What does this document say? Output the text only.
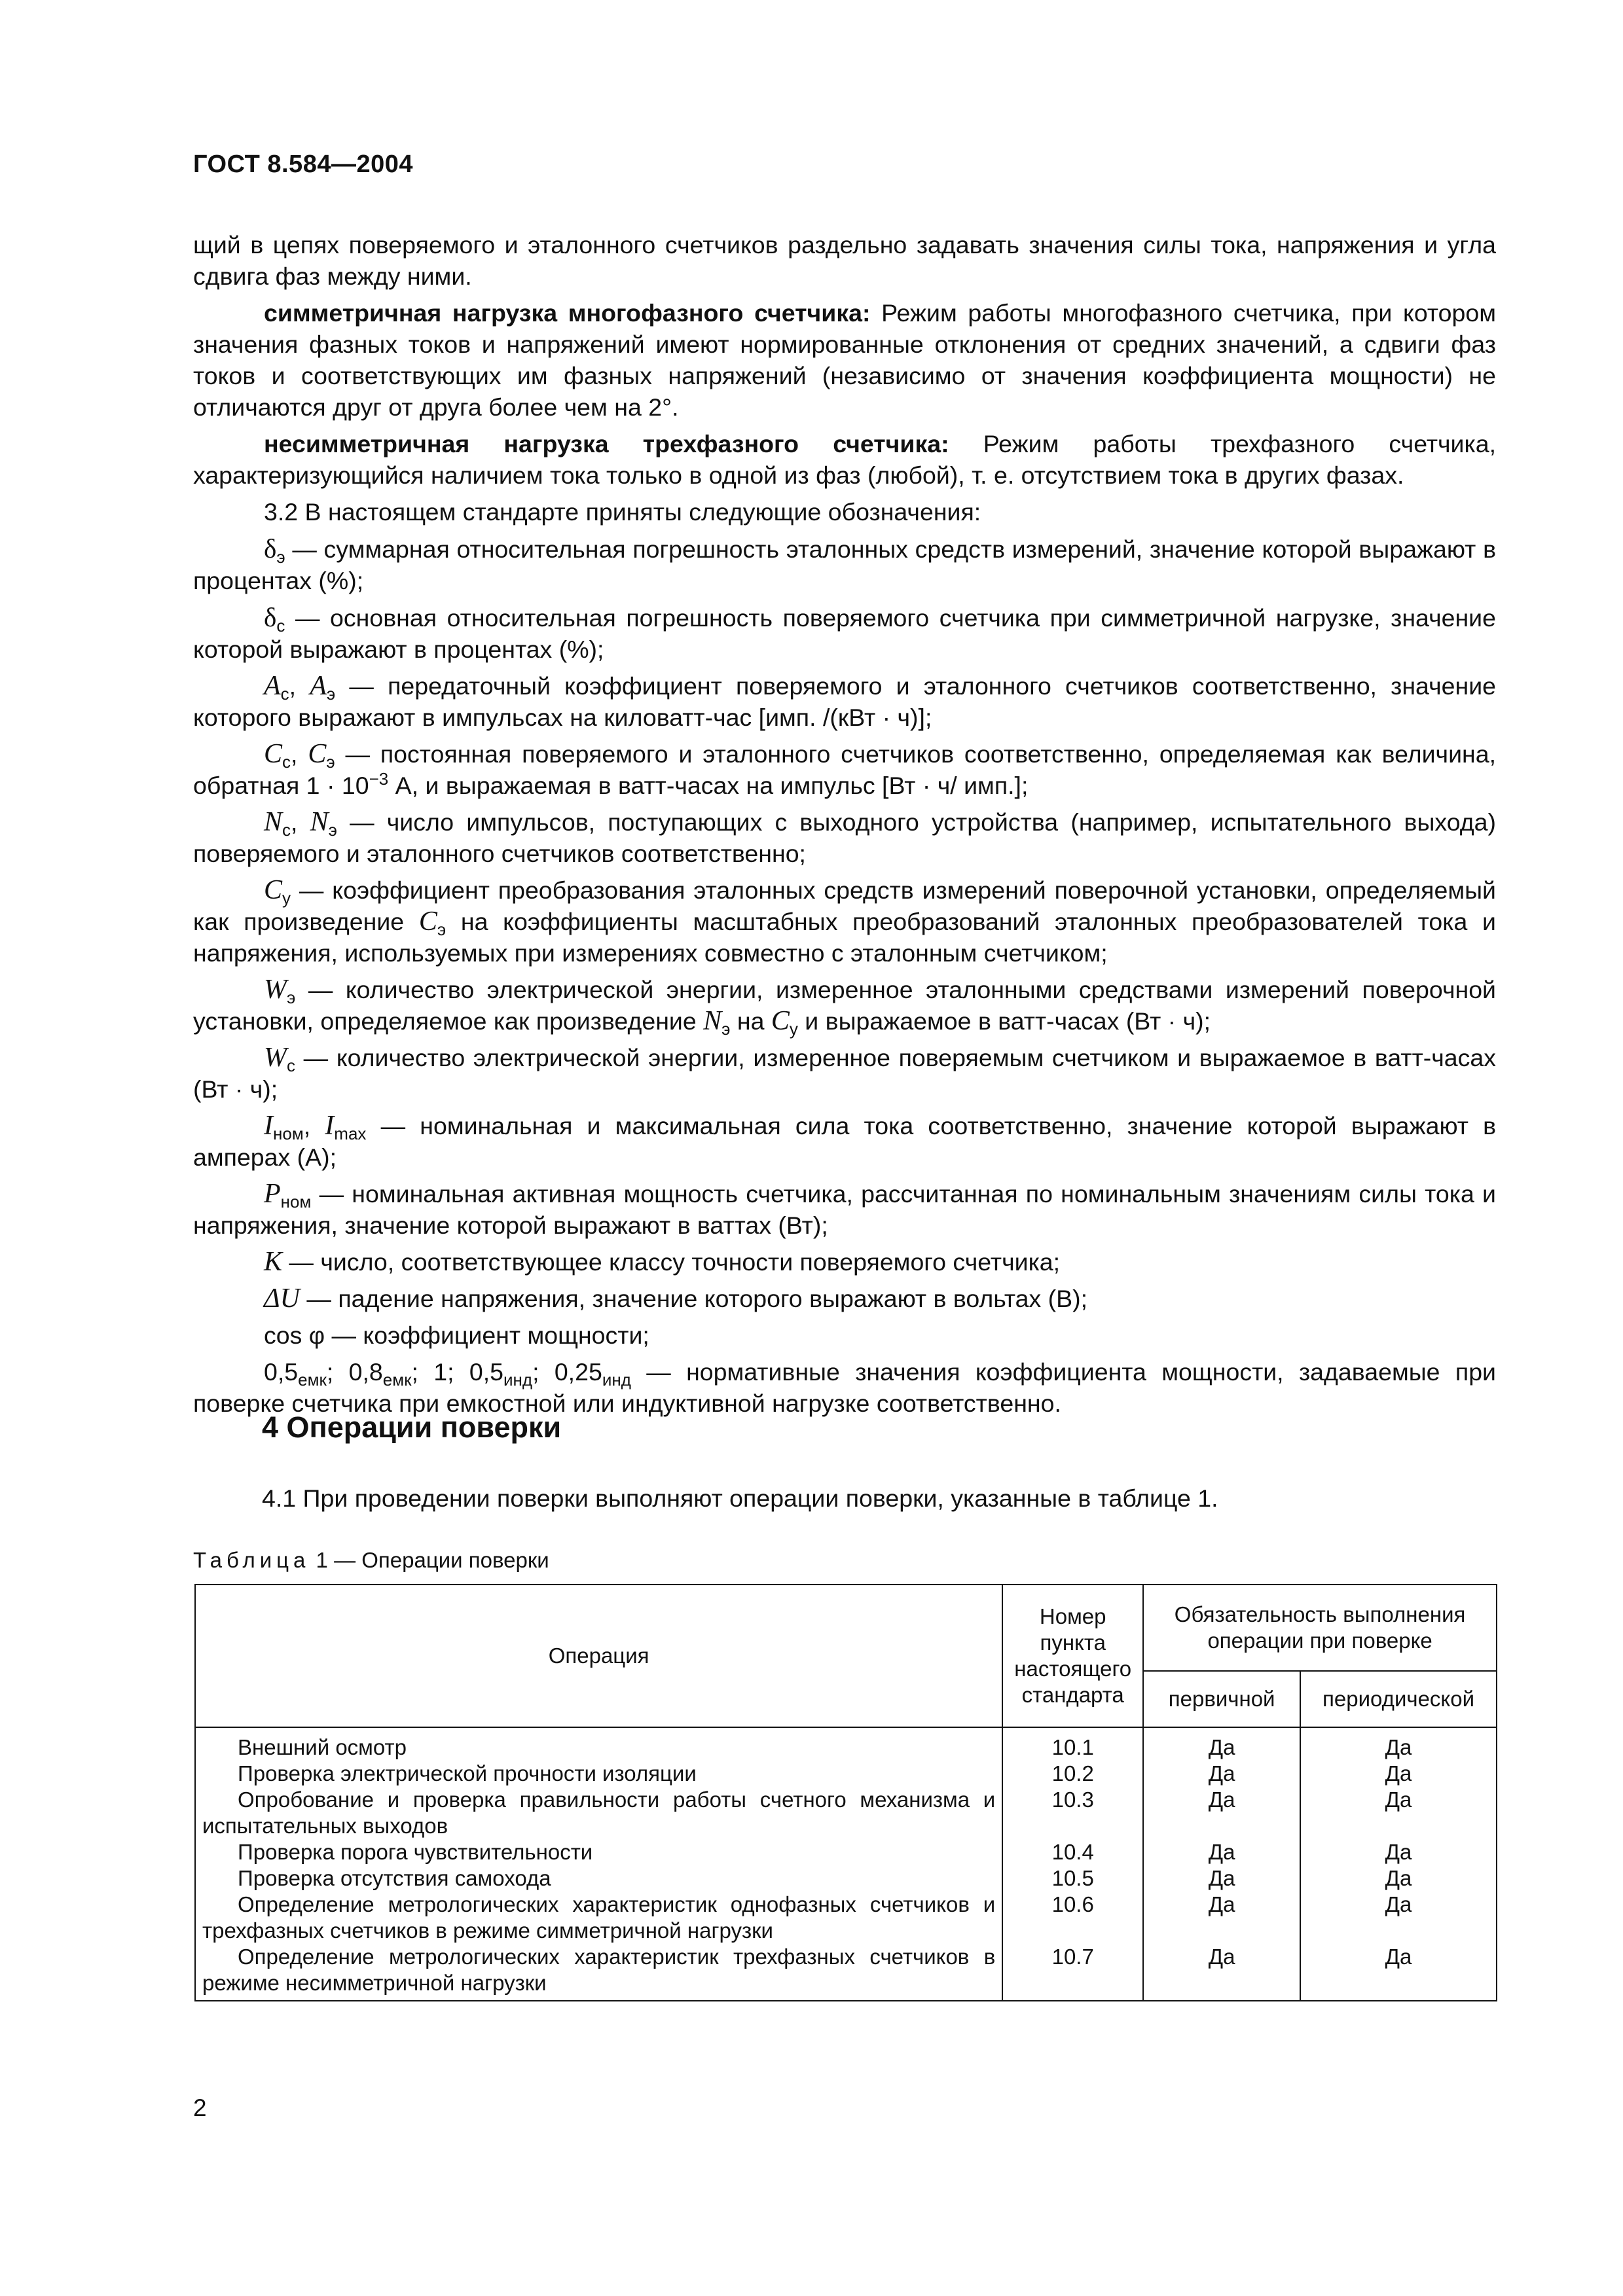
ГОСТ 8.584—2004

щий в цепях поверяемого и эталонного счетчиков раздельно задавать значения силы тока, напряжения и угла сдвига фаз между ними.

симметричная нагрузка многофазного счетчика: Режим работы многофазного счетчика, при котором значения фазных токов и напряжений имеют нормированные отклонения от средних значений, а сдвиги фаз токов и соответствующих им фазных напряжений (независимо от значения коэффициента мощности) не отличаются друг от друга более чем на 2°.

несимметричная нагрузка трехфазного счетчика: Режим работы трехфазного счетчика, характеризующийся наличием тока только в одной из фаз (любой), т. е. отсутствием тока в других фазах.

3.2 В настоящем стандарте приняты следующие обозначения:

$\delta_э$ — суммарная относительная погрешность эталонных средств измерений, значение которой выражают в процентах (%);

$\delta_c$ — основная относительная погрешность поверяемого счетчика при симметричной нагрузке, значение которой выражают в процентах (%);

$A_c$, $A_э$ — передаточный коэффициент поверяемого и эталонного счетчиков соответственно, значение которого выражают в импульсах на киловатт-час [имп. /(кВт · ч)];

$C_c$, $C_э$ — постоянная поверяемого и эталонного счетчиков соответственно, определяемая как величина, обратная $1 \cdot 10^{-3}$ А, и выражаемая в ватт-часах на импульс [Вт · ч/ имп.];

$N_c$, $N_э$ — число импульсов, поступающих с выходного устройства (например, испытательного выхода) поверяемого и эталонного счетчиков соответственно;

$C_у$ — коэффициент преобразования эталонных средств измерений поверочной установки, определяемый как произведение $C_э$ на коэффициенты масштабных преобразований эталонных преобразователей тока и напряжения, используемых при измерениях совместно с эталонным счетчиком;

$W_э$ — количество электрической энергии, измеренное эталонными средствами измерений поверочной установки, определяемое как произведение $N_э$ на $C_у$ и выражаемое в ватт-часах (Вт · ч);

$W_c$ — количество электрической энергии, измеренное поверяемым счетчиком и выражаемое в ватт-часах (Вт · ч);

$I_{ном}$, $I_{max}$ — номинальная и максимальная сила тока соответственно, значение которой выражают в амперах (А);

$P_{ном}$ — номинальная активная мощность счетчика, рассчитанная по номинальным значениям силы тока и напряжения, значение которой выражают в ваттах (Вт);

K — число, соответствующее классу точности поверяемого счетчика;

ΔU — падение напряжения, значение которого выражают в вольтах (В);

cos φ — коэффициент мощности;

$0,5_{емк}$; $0,8_{емк}$; 1; $0,5_{инд}$; $0,25_{инд}$ — нормативные значения коэффициента мощности, задаваемые при поверке счетчика при емкостной или индуктивной нагрузке соответственно.

4 Операции поверки
4.1 При проведении поверки выполняют операции поверки, указанные в таблице 1.
Таблица 1 — Операции поверки
Операция	Номер пункта настоящего стандарта	Обязательность выполнения операции при поверке	
		первичной	периодической

Внешний осмотр	10.1	Да	Да

Проверка электрической прочности изоляции	10.2	Да	Да

Опробование и проверка правильности работы счетного механизма и испытательных выходов	10.3	Да	Да

Проверка порога чувствительности	10.4	Да	Да

Проверка отсутствия самохода	10.5	Да	Да

Определение метрологических характеристик однофазных счетчиков и трехфазных счетчиков в режиме симметричной нагрузки	10.6	Да	Да

Определение метрологических характеристик трехфазных счетчиков в режиме несимметричной нагрузки	10.7	Да	Да
2
